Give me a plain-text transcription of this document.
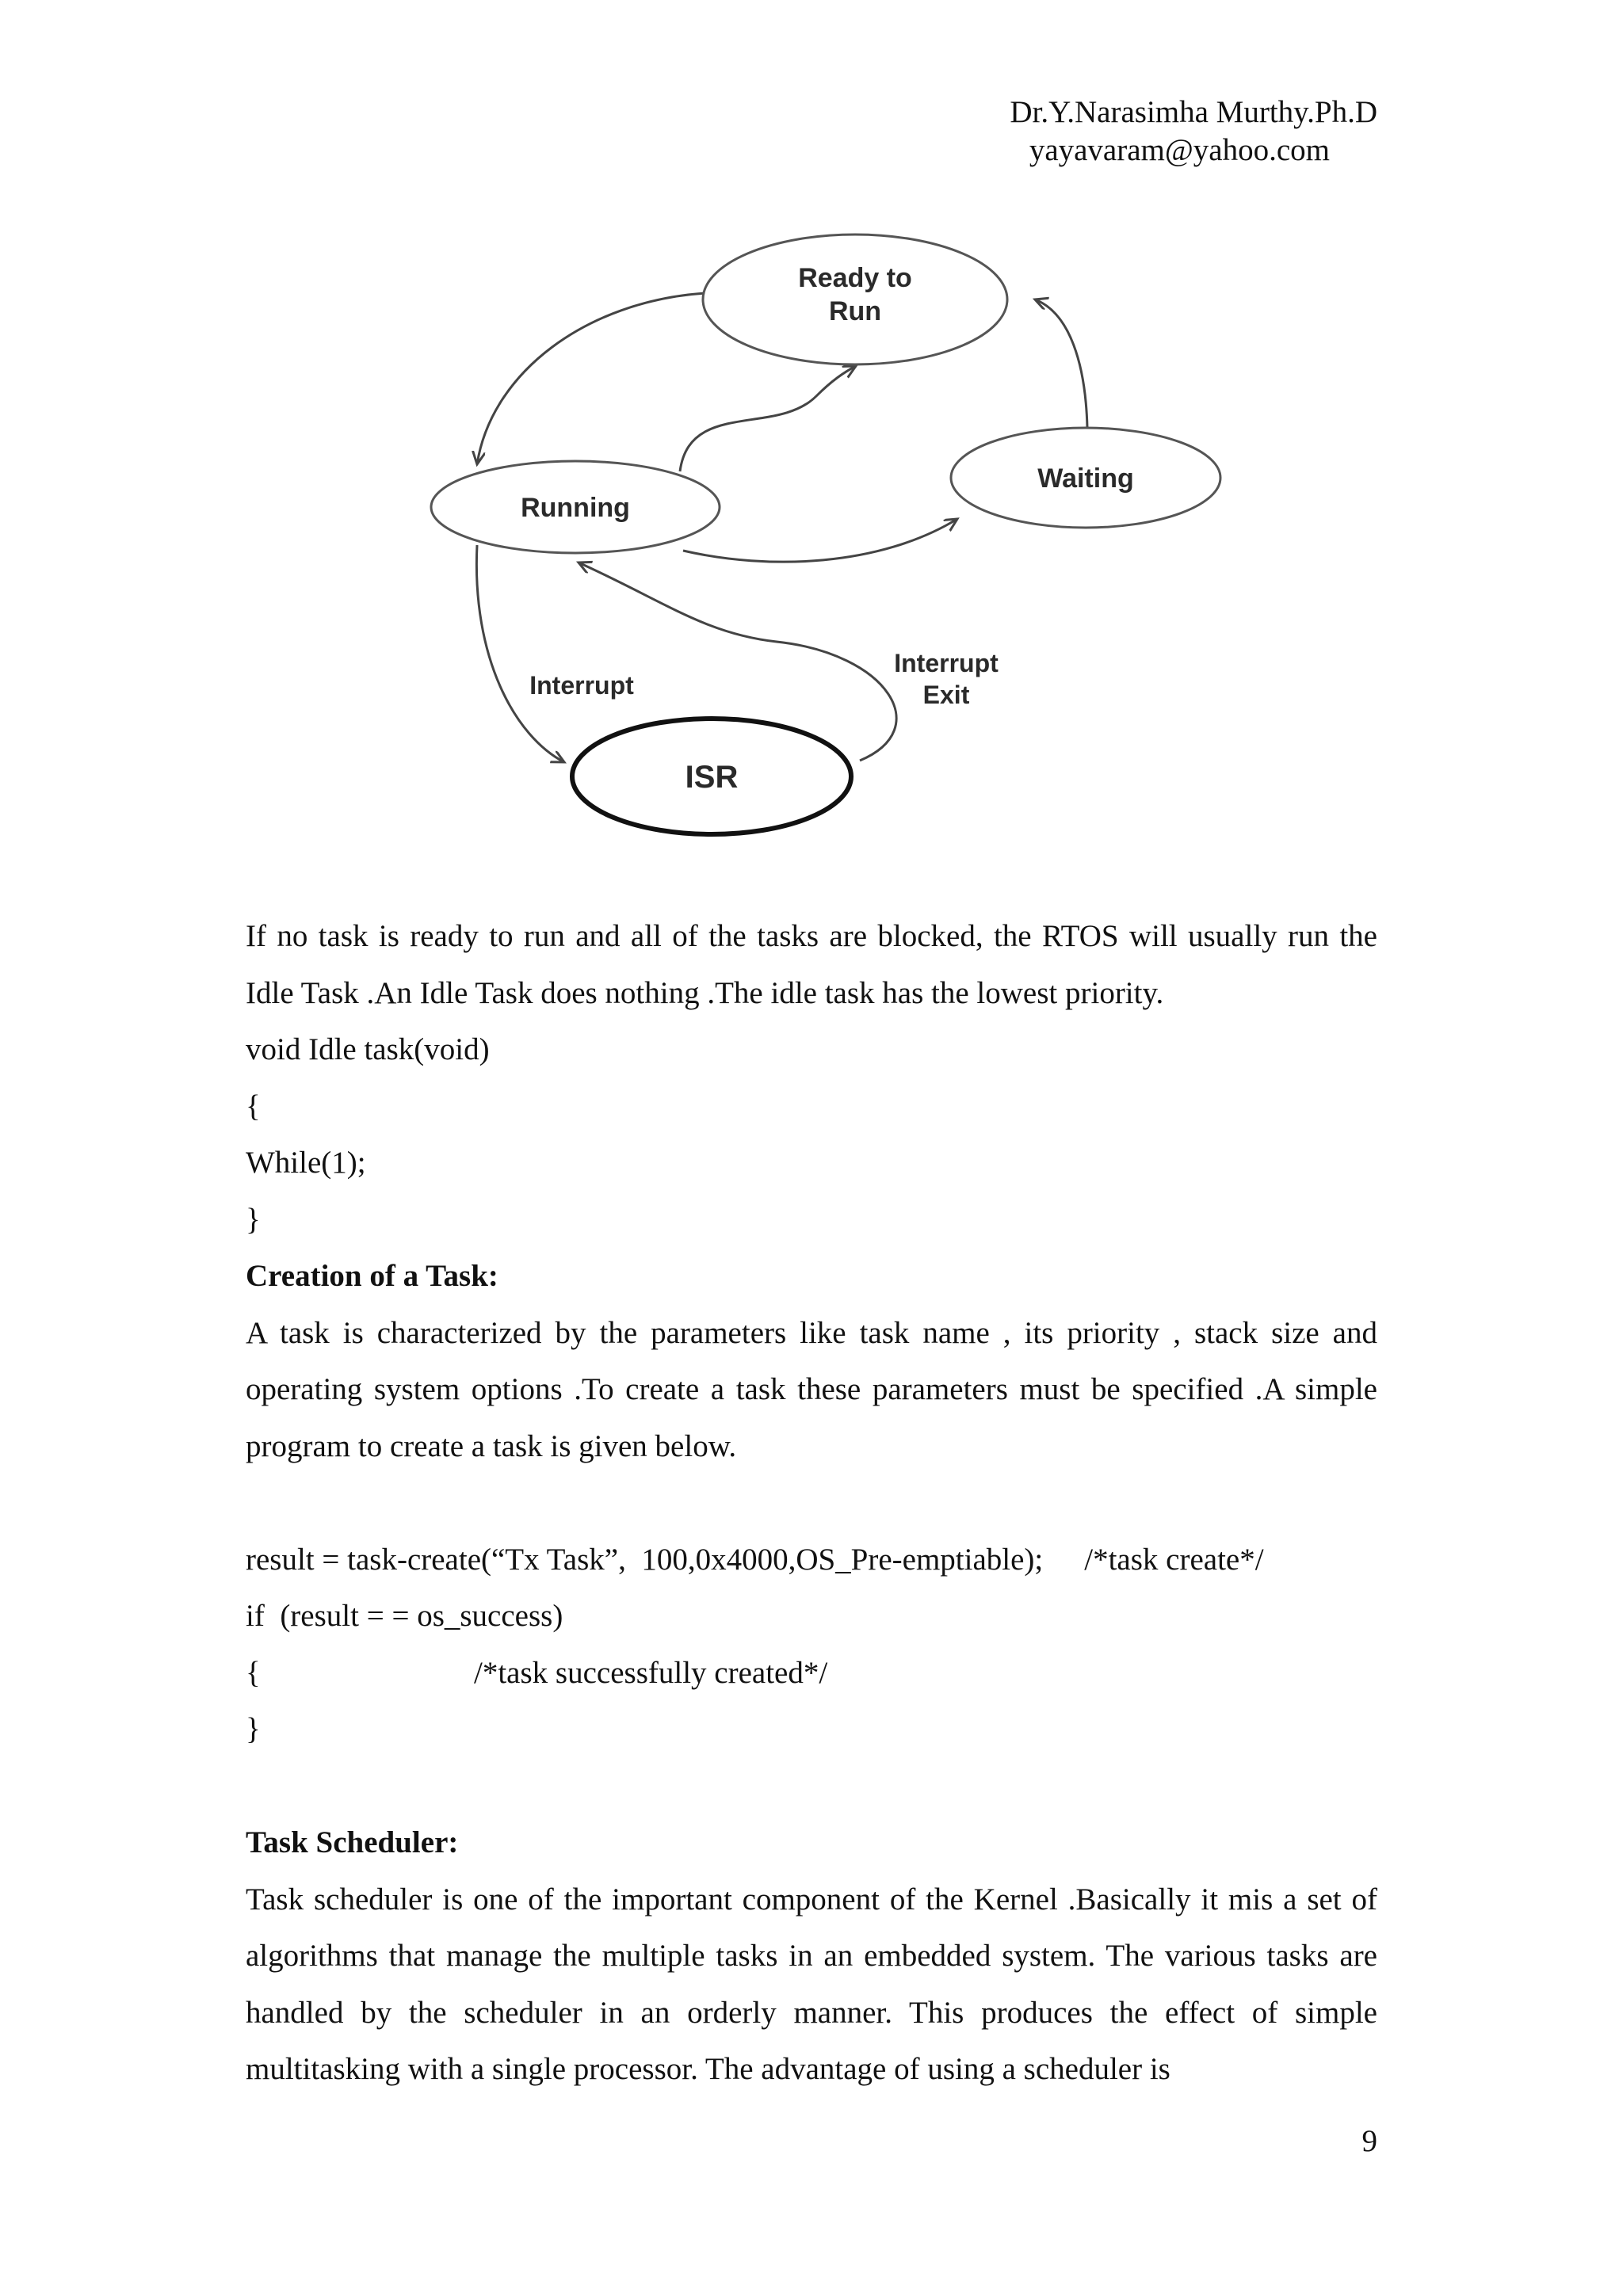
Dr.Y.Narasimha Murthy.Ph.D
yayavaram@yahoo.com
Ready to
Run
Running
Waiting
ISR
Interrupt
Interrupt
Exit

If no task is ready to run and all of the tasks are blocked, the RTOS will usually run the Idle Task .An Idle Task does nothing .The idle task has the lowest priority.

void Idle task(void)

{

While(1);

}

Creation of a Task:

A task is characterized by the parameters like task name , its priority , stack size and operating system options .To create a task these parameters must be specified .A simple program to create a task is given below.

result = task-create(“Tx Task”,  100,0x4000,OS_Pre-emptiable); /*task create*/

if  (result = = os_success)

{	/*task successfully created*/

}

Task Scheduler:

Task scheduler is one of the important component of the Kernel .Basically it mis a set of algorithms that manage the multiple tasks in an embedded system. The various tasks are handled by the scheduler in an orderly manner. This produces the effect of simple multitasking with a single processor. The advantage of using a scheduler is

9
